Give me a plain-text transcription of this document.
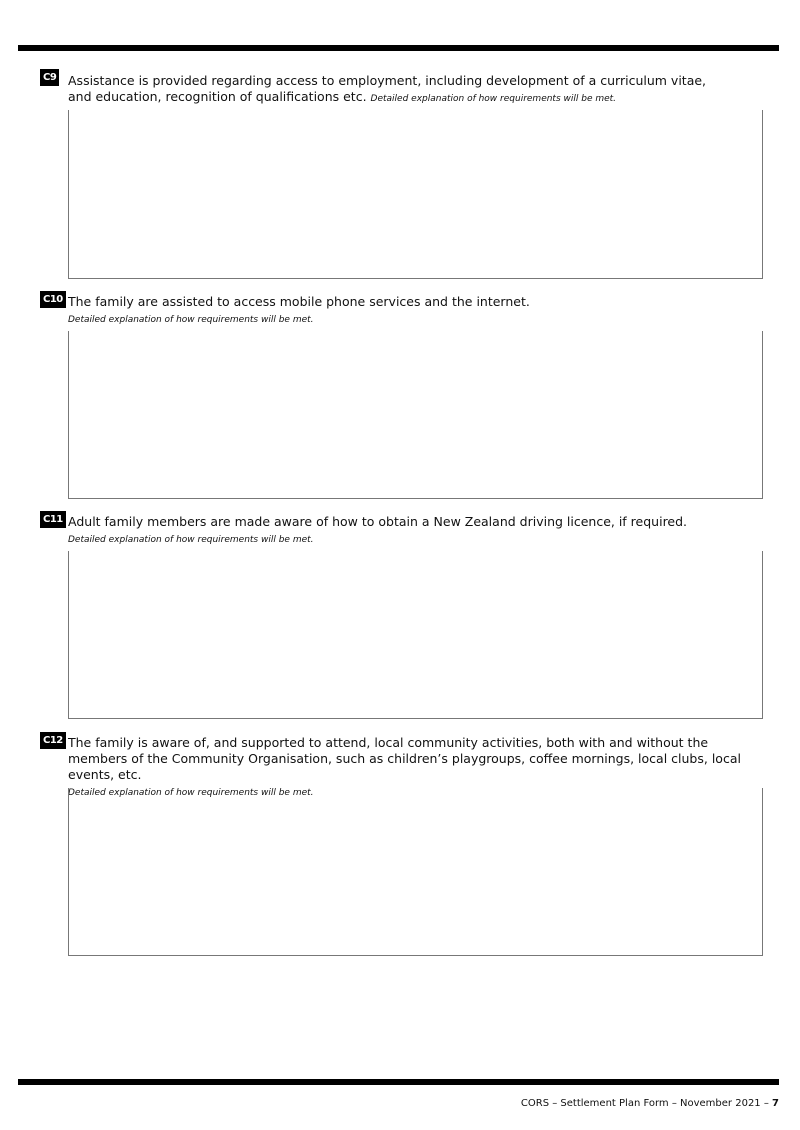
C9 Assistance is provided regarding access to employment, including development of a curriculum vitae, and education, recognition of qualifications etc. Detailed explanation of how requirements will be met.
C10 The family are assisted to access mobile phone services and the internet.
Detailed explanation of how requirements will be met.
C11 Adult family members are made aware of how to obtain a New Zealand driving licence, if required.
Detailed explanation of how requirements will be met.
C12 The family is aware of, and supported to attend, local community activities, both with and without the members of the Community Organisation, such as children’s playgroups, coffee mornings, local clubs, local events, etc.
Detailed explanation of how requirements will be met.
CORS – Settlement Plan Form – November 2021 – 7
